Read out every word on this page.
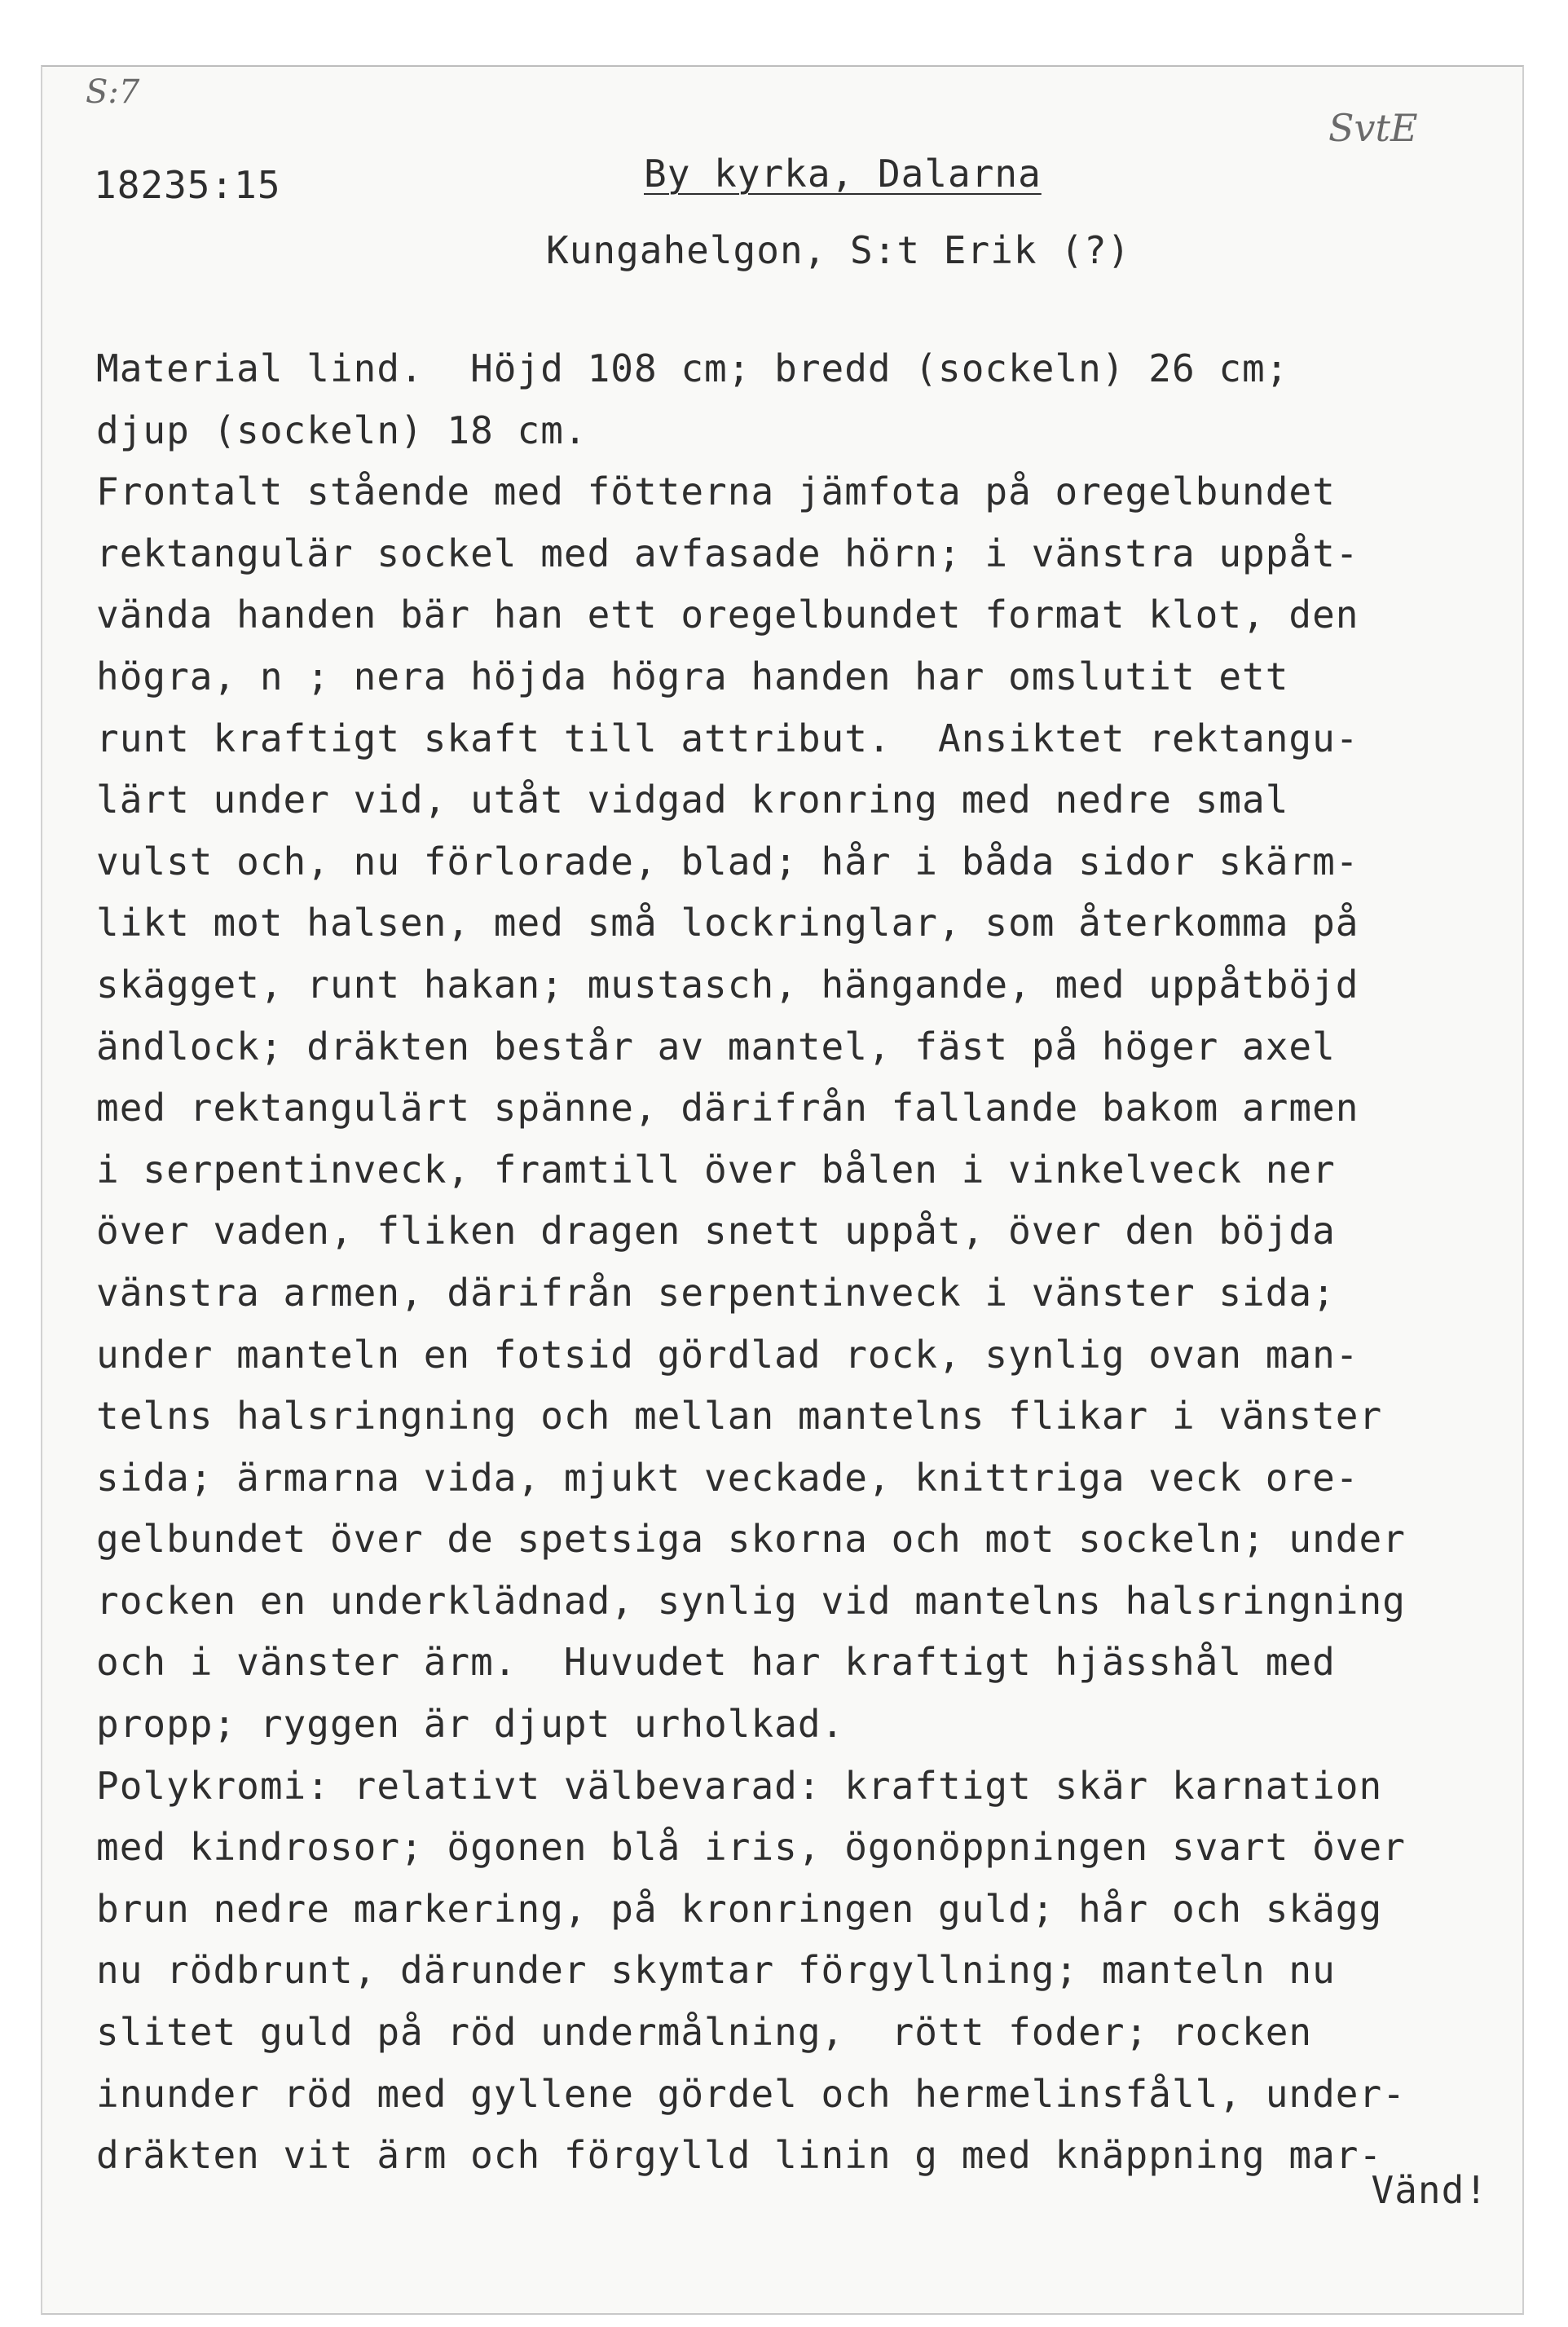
S:7
SvtE
18235:15	By kyrka, Dalarna
Kungahelgon, S:t Erik (?)
Material lind.  Höjd 108 cm; bredd (sockeln) 26 cm;
djup (sockeln) 18 cm.
Frontalt stående med fötterna jämfota på oregelbundet
rektangulär sockel med avfasade hörn; i vänstra uppåt-
vända handen bär han ett oregelbundet format klot, den
högra, n ; nera höjda högra handen har omslutit ett
runt kraftigt skaft till attribut.  Ansiktet rektangu-
lärt under vid, utåt vidgad kronring med nedre smal
vulst och, nu förlorade, blad; hår i båda sidor skärm-
likt mot halsen, med små lockringlar, som återkomma på
skägget, runt hakan; mustasch, hängande, med uppåtböjd
ändlock; dräkten består av mantel, fäst på höger axel
med rektangulärt spänne, därifrån fallande bakom armen
i serpentinveck, framtill över bålen i vinkelveck ner
över vaden, fliken dragen snett uppåt, över den böjda
vänstra armen, därifrån serpentinveck i vänster sida;
under manteln en fotsid gördlad rock, synlig ovan man-
telns halsringning och mellan mantelns flikar i vänster
sida; ärmarna vida, mjukt veckade, knittriga veck ore-
gelbundet över de spetsiga skorna och mot sockeln; under
rocken en underklädnad, synlig vid mantelns halsringning
och i vänster ärm.  Huvudet har kraftigt hjässhål med
propp; ryggen är djupt urholkad.
Polykromi: relativt välbevarad: kraftigt skär karnation
med kindrosor; ögonen blå iris, ögonöppningen svart över
brun nedre markering, på kronringen guld; hår och skägg
nu rödbrunt, därunder skymtar förgyllning; manteln nu
slitet guld på röd undermålning,  rött foder; rocken
inunder röd med gyllene gördel och hermelinsfåll, under-
dräkten vit ärm och förgylld linin g med knäppning mar-
Vänd!
